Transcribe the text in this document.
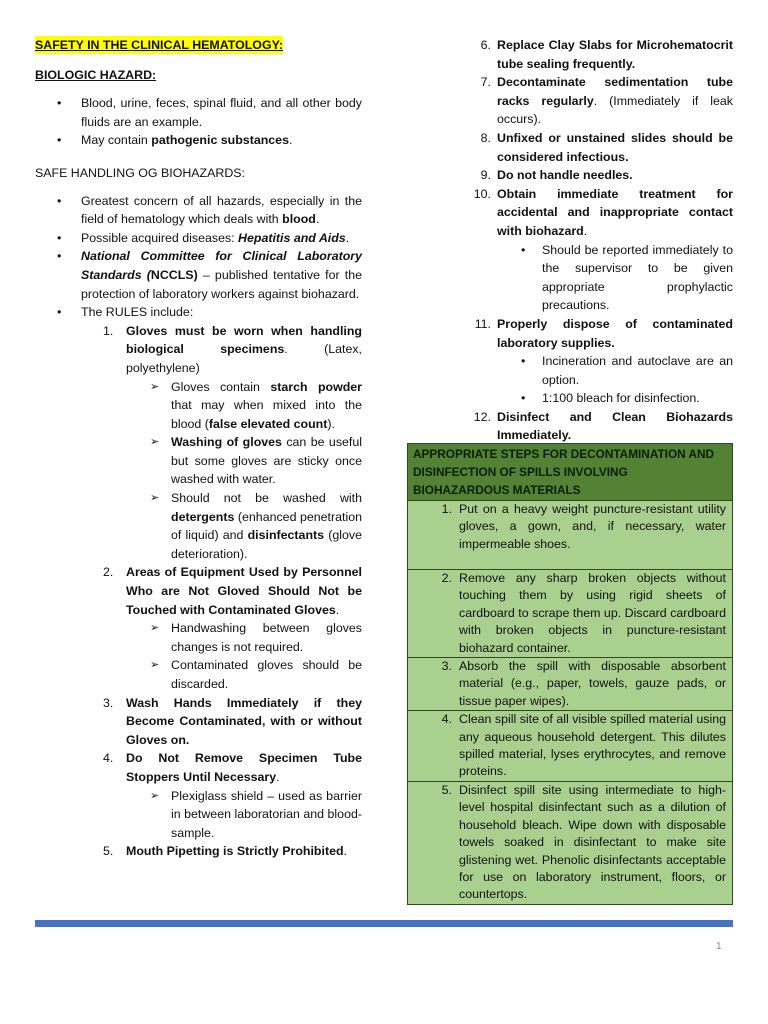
SAFETY IN THE CLINICAL HEMATOLOGY:
BIOLOGIC HAZARD:
• Blood, urine, feces, spinal fluid, and all other body fluids are an example.
• May contain pathogenic substances.
SAFE HANDLING OG BIOHAZARDS:
• Greatest concern of all hazards, especially in the field of hematology which deals with blood.
• Possible acquired diseases: Hepatitis and Aids.
• National Committee for Clinical Laboratory Standards (NCCLS) – published tentative for the protection of laboratory workers against biohazard.
• The RULES include:
1. Gloves must be worn when handling biological specimens. (Latex, polyethylene)
➢ Gloves contain starch powder that may when mixed into the blood (false elevated count).
➢ Washing of gloves can be useful but some gloves are sticky once washed with water.
➢ Should not be washed with detergents (enhanced penetration of liquid) and disinfectants (glove deterioration).
2. Areas of Equipment Used by Personnel Who are Not Gloved Should Not be Touched with Contaminated Gloves.
➢ Handwashing between gloves changes is not required.
➢ Contaminated gloves should be discarded.
3. Wash Hands Immediately if they Become Contaminated, with or without Gloves on.
4. Do Not Remove Specimen Tube Stoppers Until Necessary.
➢ Plexiglass shield – used as barrier in between laboratorian and blood-sample.
5. Mouth Pipetting is Strictly Prohibited.
6. Replace Clay Slabs for Microhematocrit tube sealing frequently.
7. Decontaminate sedimentation tube racks regularly. (Immediately if leak occurs).
8. Unfixed or unstained slides should be considered infectious.
9. Do not handle needles.
10. Obtain immediate treatment for accidental and inappropriate contact with biohazard.
• Should be reported immediately to the supervisor to be given appropriate prophylactic precautions.
11. Properly dispose of contaminated laboratory supplies.
• Incineration and autoclave are an option.
• 1:100 bleach for disinfection.
12. Disinfect and Clean Biohazards Immediately.
APPROPRIATE STEPS FOR DECONTAMINATION AND DISINFECTION OF SPILLS INVOLVING BIOHAZARDOUS MATERIALS

1. Put on a heavy weight puncture-resistant utility gloves, a gown, and, if necessary, water impermeable shoes.

2. Remove any sharp broken objects without touching them by using rigid sheets of cardboard to scrape them up. Discard cardboard with broken objects in puncture-resistant biohazard container.

3. Absorb the spill with disposable absorbent material (e.g., paper, towels, gauze pads, or tissue paper wipes).

4. Clean spill site of all visible spilled material using any aqueous household detergent. This dilutes spilled material, lyses erythrocytes, and remove proteins.

5. Disinfect spill site using intermediate to high-level hospital disinfectant such as a dilution of household bleach. Wipe down with disposable towels soaked in disinfectant to make site glistening wet. Phenolic disinfectants acceptable for use on laboratory instrument, floors, or countertops.
1
